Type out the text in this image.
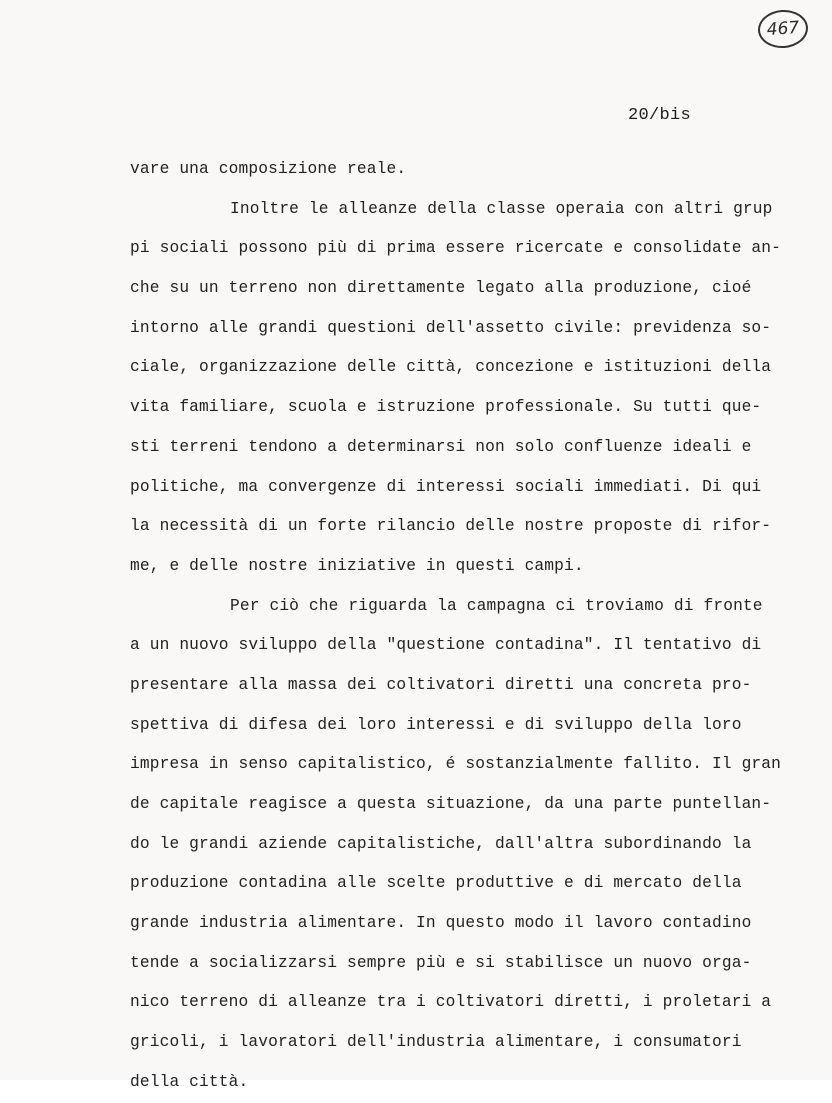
467
20/bis
vare una composizione reale.
Inoltre le alleanze della classe operaia con altri grup
pi sociali possono più di prima essere ricercate e consolidate an-
che su un terreno non direttamente legato alla produzione, cioé
intorno alle grandi questioni dell'assetto civile: previdenza so-
ciale, organizzazione delle città, concezione e istituzioni della
vita familiare, scuola e istruzione professionale. Su tutti que-
sti terreni tendono a determinarsi non solo confluenze ideali e
politiche, ma convergenze di interessi sociali immediati. Di qui
la necessità di un forte rilancio delle nostre proposte di rifor-
me, e delle nostre iniziative in questi campi.
Per ciò che riguarda la campagna ci troviamo di fronte
a un nuovo sviluppo della "questione contadina". Il tentativo di
presentare alla massa dei coltivatori diretti una concreta pro-
spettiva di difesa dei loro interessi e di sviluppo della loro
impresa in senso capitalistico, é sostanzialmente fallito. Il gran
de capitale reagisce a questa situazione, da una parte puntellan-
do le grandi aziende capitalistiche, dall'altra subordinando la
produzione contadina alle scelte produttive e di mercato della
grande industria alimentare. In questo modo il lavoro contadino
tende a socializzarsi sempre più e si stabilisce un nuovo orga-
nico terreno di alleanze tra i coltivatori diretti, i proletari a
gricoli, i lavoratori dell'industria alimentare, i consumatori
della città.
